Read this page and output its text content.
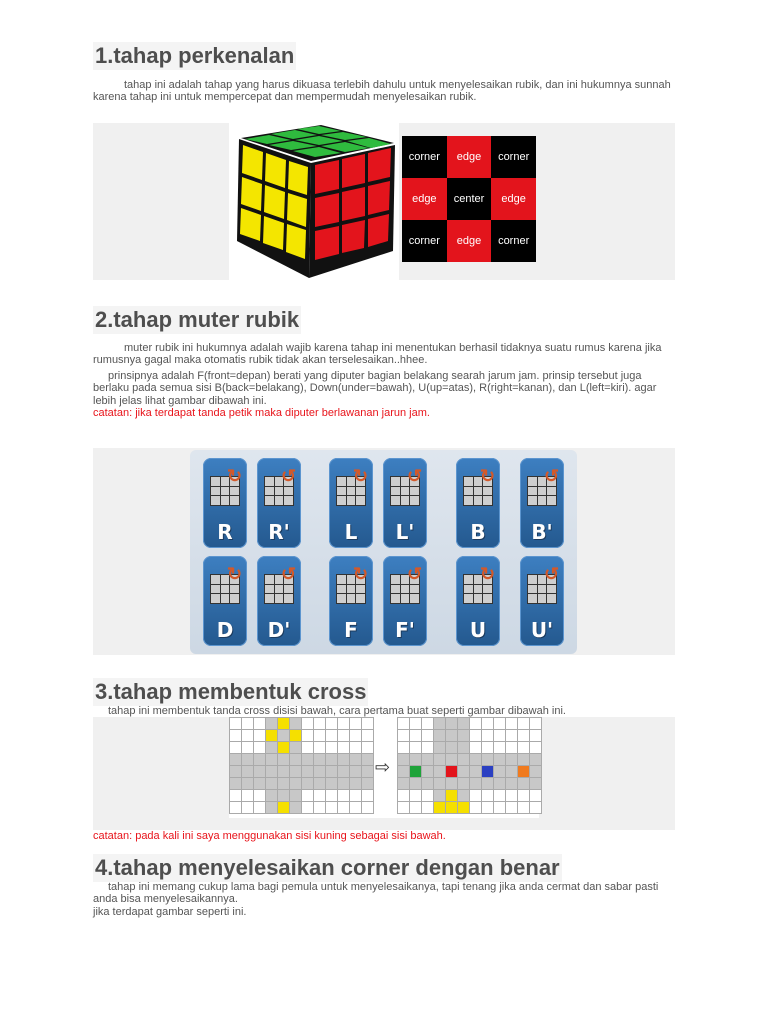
1.tahap perkenalan
tahap ini adalah tahap yang harus dikuasa terlebih dahulu untuk menyelesaikan rubik, dan ini hukumnya sunnah karena tahap ini untuk mempercepat dan mempermudah menyelesaikan rubik.
corner	edge	corner
edge	center	edge
corner	edge	corner
2.tahap muter rubik
muter rubik ini hukumnya adalah wajib karena tahap ini menentukan berhasil tidaknya suatu rumus karena jika rumusnya gagal maka otomatis rubik tidak akan terselesaikan..hhee.
prinsipnya adalah F(front=depan) berati yang diputer bagian belakang searah jarum jam. prinsip tersebut juga berlaku pada semua sisi B(back=belakang), Down(under=bawah), U(up=atas), R(right=kanan), dan L(left=kiri). agar lebih jelas lihat gambar dibawah ini.
catatan: jika terdapat tanda petik maka diputer berlawanan jarun jam.
↻
R
↺
R'
↻
L
↺
L'
↻
B
↺
B'
↻
D
↺
D'
↻
F
↺
F'
↻
U
↺
U'
3.tahap membentuk cross
tahap ini membentuk tanda cross disisi bawah, cara pertama buat seperti gambar dibawah ini.
⇨
catatan: pada kali ini saya menggunakan sisi kuning sebagai sisi bawah.
4.tahap menyelesaikan corner dengan benar
tahap ini memang cukup lama bagi pemula untuk menyelesaikanya, tapi tenang jika anda cermat dan sabar pasti anda bisa menyelesaikannya.
jika terdapat gambar seperti ini.
